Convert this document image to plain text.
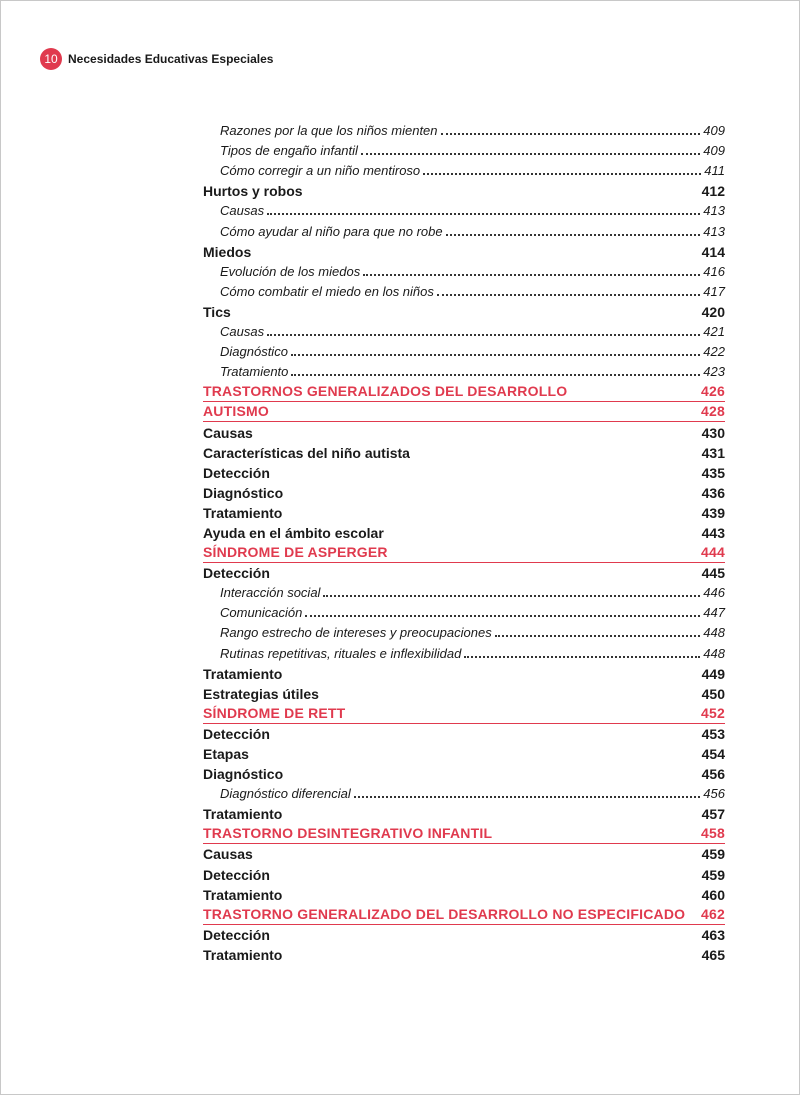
10 Necesidades Educativas Especiales
Razones por la que los niños mienten	409
Tipos de engaño infantil	409
Cómo corregir a un niño mentiroso	411
Hurtos y robos	412
Causas	413
Cómo ayudar al niño para que no robe	413
Miedos	414
Evolución de los miedos	416
Cómo combatir el miedo en los niños	417
Tics	420
Causas	421
Diagnóstico	422
Tratamiento	423
TRASTORNOS GENERALIZADOS DEL DESARROLLO	426
AUTISMO	428
Causas	430
Características del niño autista	431
Detección	435
Diagnóstico	436
Tratamiento	439
Ayuda en el ámbito escolar	443
SÍNDROME DE ASPERGER	444
Detección	445
Interacción social	446
Comunicación	447
Rango estrecho de intereses y preocupaciones	448
Rutinas repetitivas, rituales e inflexibilidad	448
Tratamiento	449
Estrategias útiles	450
SÍNDROME DE RETT	452
Detección	453
Etapas	454
Diagnóstico	456
Diagnóstico diferencial	456
Tratamiento	457
TRASTORNO DESINTEGRATIVO INFANTIL	458
Causas	459
Detección	459
Tratamiento	460
TRASTORNO GENERALIZADO DEL DESARROLLO NO ESPECIFICADO 462
Detección	463
Tratamiento	465
